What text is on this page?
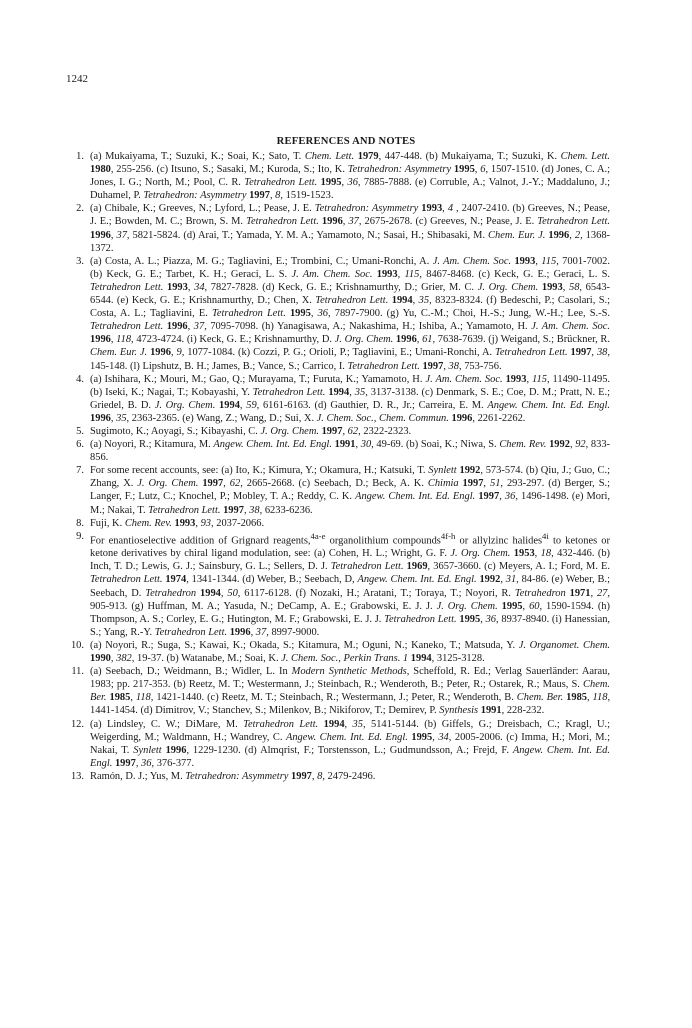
1242
REFERENCES AND NOTES
1. (a) Mukaiyama, T.; Suzuki, K.; Soai, K.; Sato, T. Chem. Lett. 1979, 447-448. (b) Mukaiyama, T.; Suzuki, K. Chem. Lett. 1980, 255-256. (c) Itsuno, S.; Sasaki, M.; Kuroda, S.; Ito, K. Tetrahedron: Asymmetry 1995, 6, 1507-1510. (d) Jones, C. A.; Jones, I. G.; North, M.; Pool, C. R. Tetrahedron Lett. 1995, 36, 7885-7888. (e) Corruble, A.; Valnot, J.-Y.; Maddaluno, J.; Duhamel, P. Tetrahedron: Asymmetry 1997, 8, 1519-1523.
2. (a) Chibale, K.; Greeves, N.; Lyford, L.; Pease, J. E. Tetrahedron: Asymmetry 1993, 4 , 2407-2410. (b) Greeves, N.; Pease, J. E.; Bowden, M. C.; Brown, S. M. Tetrahedron Lett. 1996, 37, 2675-2678. (c) Greeves, N.; Pease, J. E. Tetrahedron Lett. 1996, 37, 5821-5824. (d) Arai, T.; Yamada, Y. M. A.; Yamamoto, N.; Sasai, H.; Shibasaki, M. Chem. Eur. J. 1996, 2, 1368-1372.
3. (a) Costa, A. L.; Piazza, M. G.; Tagliavini, E.; Trombini, C.; Umani-Ronchi, A. J. Am. Chem. Soc. 1993, 115, 7001-7002. (b) Keck, G. E.; Tarbet, K. H.; Geraci, L. S. J. Am. Chem. Soc. 1993, 115, 8467-8468. (c) Keck, G. E.; Geraci, L. S. Tetrahedron Lett. 1993, 34, 7827-7828. (d) Keck, G. E.; Krishnamurthy, D.; Grier, M. C. J. Org. Chem. 1993, 58, 6543-6544. (e) Keck, G. E.; Krishnamurthy, D.; Chen, X. Tetrahedron Lett. 1994, 35, 8323-8324. (f) Bedeschi, P.; Casolari, S.; Costa, A. L.; Tagliavini, E. Tetrahedron Lett. 1995, 36, 7897-7900. (g) Yu, C.-M.; Choi, H.-S.; Jung, W.-H.; Lee, S.-S. Tetrahedron Lett. 1996, 37, 7095-7098. (h) Yanagisawa, A.; Nakashima, H.; Ishiba, A.; Yamamoto, H. J. Am. Chem. Soc. 1996, 118, 4723-4724. (i) Keck, G. E.; Krishnamurthy, D. J. Org. Chem. 1996, 61, 7638-7639. (j) Weigand, S.; Brückner, R. Chem. Eur. J. 1996, 9, 1077-1084. (k) Cozzi, P. G.; Orioli, P.; Tagliavini, E.; Umani-Ronchi, A. Tetrahedron Lett. 1997, 38, 145-148. (l) Lipshutz, B. H.; James, B.; Vance, S.; Carrico, I. Tetrahedron Lett. 1997, 38, 753-756.
4. (a) Ishihara, K.; Mouri, M.; Gao, Q.; Murayama, T.; Furuta, K.; Yamamoto, H. J. Am. Chem. Soc. 1993, 115, 11490-11495. (b) Iseki, K.; Nagai, T.; Kobayashi, Y. Tetrahedron Lett. 1994, 35, 3137-3138. (c) Denmark, S. E.; Coe, D. M.; Pratt, N. E.; Griedel, B. D. J. Org. Chem. 1994, 59, 6161-6163. (d) Gauthier, D. R., Jr.; Carreira, E. M. Angew. Chem. Int. Ed. Engl. 1996, 35, 2363-2365. (e) Wang, Z.; Wang, D.; Sui, X. J. Chem. Soc., Chem. Commun. 1996, 2261-2262.
5. Sugimoto, K.; Aoyagi, S.; Kibayashi, C. J. Org. Chem. 1997, 62, 2322-2323.
6. (a) Noyori, R.; Kitamura, M. Angew. Chem. Int. Ed. Engl. 1991, 30, 49-69. (b) Soai, K.; Niwa, S. Chem. Rev. 1992, 92, 833-856.
7. For some recent accounts, see: (a) Ito, K.; Kimura, Y.; Okamura, H.; Katsuki, T. Synlett 1992, 573-574. (b) Qiu, J.; Guo, C.; Zhang, X. J. Org. Chem. 1997, 62, 2665-2668. (c) Seebach, D.; Beck, A. K. Chimia 1997, 51, 293-297. (d) Berger, S.; Langer, F.; Lutz, C.; Knochel, P.; Mobley, T. A.; Reddy, C. K. Angew. Chem. Int. Ed. Engl. 1997, 36, 1496-1498. (e) Mori, M.; Nakai, T. Tetrahedron Lett. 1997, 38, 6233-6236.
8. Fuji, K. Chem. Rev. 1993, 93, 2037-2066.
9. For enantioselective addition of Grignard reagents,$^{4a-e}$ organolithium compounds$^{4f-h}$ or allylzinc halides$^{4i}$ to ketones or ketone derivatives by chiral ligand modulation, see: (a) Cohen, H. L.; Wright, G. F. J. Org. Chem. 1953, 18, 432-446. (b) Inch, T. D.; Lewis, G. J.; Sainsbury, G. L.; Sellers, D. J. Tetrahedron Lett. 1969, 3657-3660. (c) Meyers, A. I.; Ford, M. E. Tetrahedron Lett. 1974, 1341-1344. (d) Weber, B.; Seebach, D, Angew. Chem. Int. Ed. Engl. 1992, 31, 84-86. (e) Weber, B.; Seebach, D. Tetrahedron 1994, 50, 6117-6128. (f) Nozaki, H.; Aratani, T.; Toraya, T.; Noyori, R. Tetrahedron 1971, 27, 905-913. (g) Huffman, M. A.; Yasuda, N.; DeCamp, A. E.; Grabowski, E. J. J. J. Org. Chem. 1995, 60, 1590-1594. (h) Thompson, A. S.; Corley, E. G.; Hutington, M. F.; Grabowski, E. J. J. Tetrahedron Lett. 1995, 36, 8937-8940. (i) Hanessian, S.; Yang, R.-Y. Tetrahedron Lett. 1996, 37, 8997-9000.
10. (a) Noyori, R.; Suga, S.; Kawai, K.; Okada, S.; Kitamura, M.; Oguni, N.; Kaneko, T.; Matsuda, Y. J. Organomet. Chem. 1990, 382, 19-37. (b) Watanabe, M.; Soai, K. J. Chem. Soc., Perkin Trans. 1 1994, 3125-3128.
11. (a) Seebach, D.; Weidmann, B.; Widler, L. In Modern Synthetic Methods, Scheffold, R. Ed.; Verlag Sauerländer: Aarau, 1983; pp. 217-353. (b) Reetz, M. T.; Westermann, J.; Steinbach, R.; Wenderoth, B.; Peter, R.; Ostarek, R.; Maus, S. Chem. Ber. 1985, 118, 1421-1440. (c) Reetz, M. T.; Steinbach, R.; Westermann, J.; Peter, R.; Wenderoth, B. Chem. Ber. 1985, 118, 1441-1454. (d) Dimitrov, V.; Stanchev, S.; Milenkov, B.; Nikiforov, T.; Demirev, P. Synthesis 1991, 228-232.
12. (a) Lindsley, C. W.; DiMare, M. Tetrahedron Lett. 1994, 35, 5141-5144. (b) Giffels, G.; Dreisbach, C.; Kragl, U.; Weigerding, M.; Waldmann, H.; Wandrey, C. Angew. Chem. Int. Ed. Engl. 1995, 34, 2005-2006. (c) Imma, H.; Mori, M.; Nakai, T. Synlett 1996, 1229-1230. (d) Almqrist, F.; Torstensson, L.; Gudmundsson, A.; Frejd, F. Angew. Chem. Int. Ed. Engl. 1997, 36, 376-377.
13. Ramón, D. J.; Yus, M. Tetrahedron: Asymmetry 1997, 8, 2479-2496.
